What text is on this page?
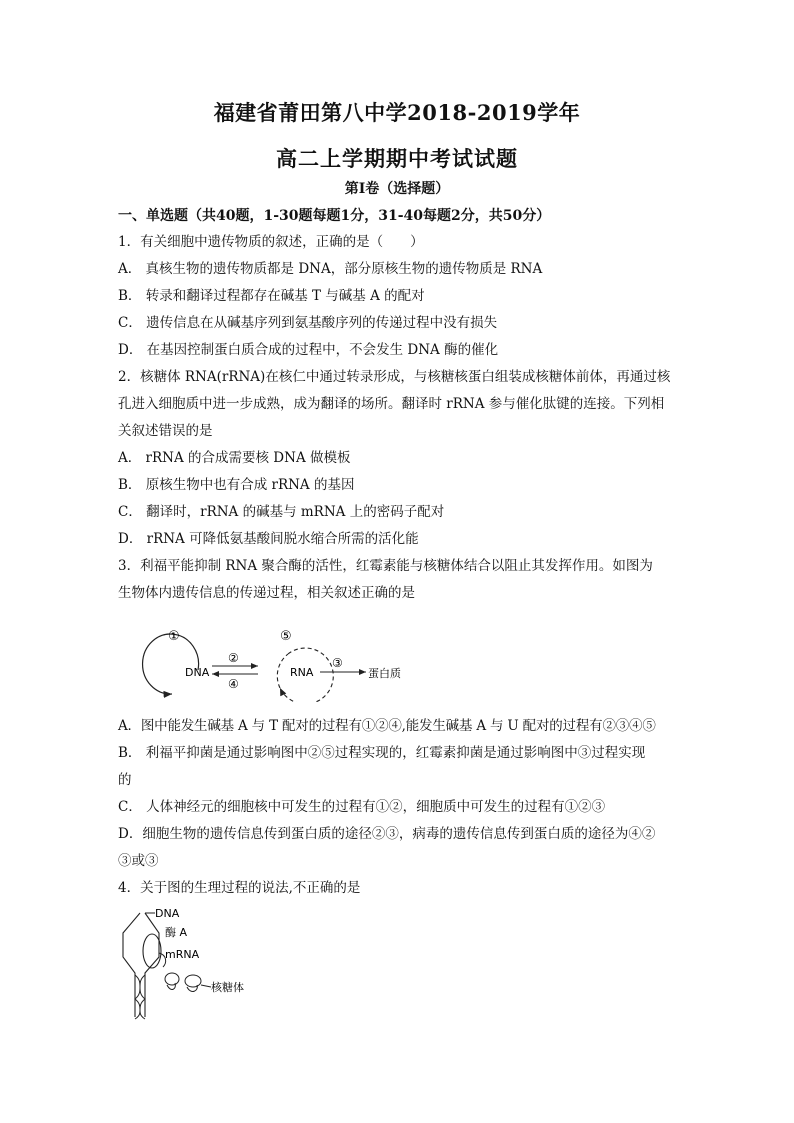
福建省莆田第八中学2018-2019学年
高二上学期期中考试试题
第Ⅰ卷（选择题）
一、单选题（共40题，1-30题每题1分，31-40每题2分，共50分）

1．有关细胞中遗传物质的叙述，正确的是（　　）

A． 真核生物的遗传物质都是 DNA，部分原核生物的遗传物质是 RNA

B． 转录和翻译过程都存在碱基 T 与碱基 A 的配对

C． 遗传信息在从碱基序列到氨基酸序列的传递过程中没有损失

D． 在基因控制蛋白质合成的过程中，不会发生 DNA 酶的催化

2．核糖体 RNA(rRNA)在核仁中通过转录形成，与核糖核蛋白组装成核糖体前体，再通过核

孔进入细胞质中进一步成熟，成为翻译的场所。翻译时 rRNA 参与催化肽键的连接。下列相

关叙述错误的是

A． rRNA 的合成需要核 DNA 做模板

B． 原核生物中也有合成 rRNA 的基因

C． 翻译时，rRNA 的碱基与 mRNA 上的密码子配对

D． rRNA 可降低氨基酸间脱水缩合所需的活化能

3．利福平能抑制 RNA 聚合酶的活性，红霉素能与核糖体结合以阻止其发挥作用。如图为

生物体内遗传信息的传递过程，相关叙述正确的是

①
DNA
②
④
⑤
RNA
③
蛋白质

A．图中能发生碱基 A 与 T 配对的过程有①②④,能发生碱基 A 与 U 配对的过程有②③④⑤

B． 利福平抑菌是通过影响图中②⑤过程实现的，红霉素抑菌是通过影响图中③过程实现

的

C． 人体神经元的细胞核中可发生的过程有①②，细胞质中可发生的过程有①②③

D．细胞生物的遗传信息传到蛋白质的途径②③，病毒的遗传信息传到蛋白质的途径为④②

③或③

4．关于图的生理过程的说法,不正确的是

DNA
酶 A
mRNA
核糖体
